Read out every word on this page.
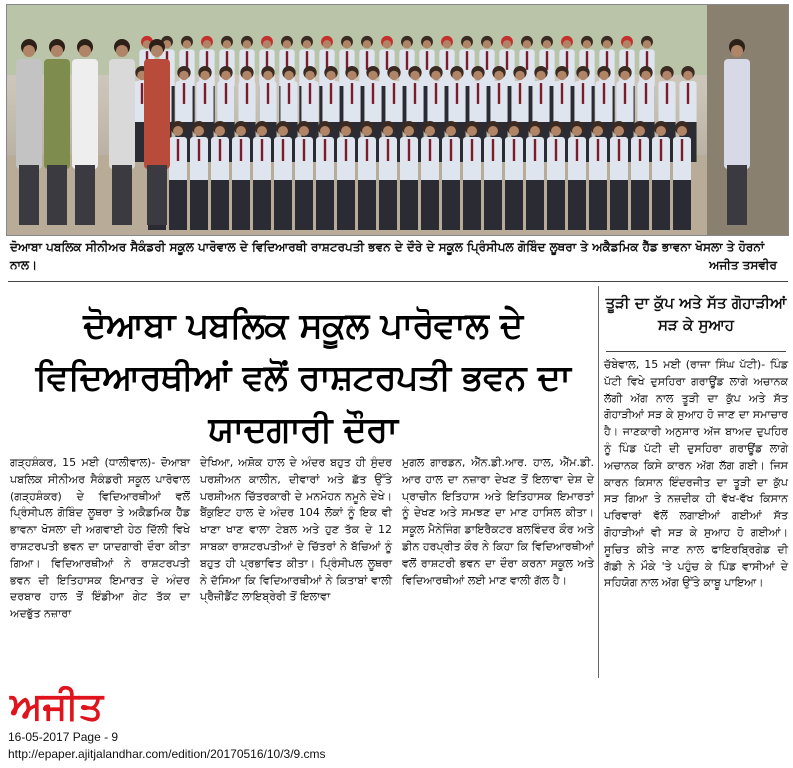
ਦੋਆਬਾ ਪਬਲਿਕ ਸੀਨੀਅਰ ਸੈਕੰਡਰੀ ਸਕੂਲ ਪਾਰੋਵਾਲ ਦੇ ਵਿਦਿਆਰਥੀ ਰਾਸ਼ਟਰਪਤੀ ਭਵਨ ਦੇ ਦੌਰੇ ਦੇ ਸਕੂਲ ਪ੍ਰਿੰਸੀਪਲ ਗੋਬਿੰਦ ਲੂਥਰਾ ਤੇ ਅਕੈਡਮਿਕ ਹੈੱਡ ਭਾਵਨਾ ਖੋਸਲਾ ਤੇ ਹੋਰਨਾਂ ਨਾਲ।	ਅਜੀਤ ਤਸਵੀਰ
ਦੋਆਬਾ ਪਬਲਿਕ ਸਕੂਲ ਪਾਰੋਵਾਲ ਦੇ ਵਿਦਿਆਰਥੀਆਂ ਵਲੋਂ ਰਾਸ਼ਟਰਪਤੀ ਭਵਨ ਦਾ ਯਾਦਗਾਰੀ ਦੌਰਾ
ਤੂੜੀ ਦਾ ਕੁੱਪ ਅਤੇ ਸੱਤ ਗੋਹਾੜੀਆਂ ਸੜ ਕੇ ਸੁਆਹ
ਗੜ੍ਹਸ਼ੰਕਰ, 15 ਮਈ (ਧਾਲੀਵਾਲ)- ਦੋਆਬਾ ਪਬਲਿਕ ਸੀਨੀਅਰ ਸੈਕੰਡਰੀ ਸਕੂਲ ਪਾਰੋਵਾਲ (ਗੜ੍ਹਸ਼ੰਕਰ) ਦੇ ਵਿਦਿਆਰਥੀਆਂ ਵਲੋਂ ਪ੍ਰਿੰਸੀਪਲ ਗੋਬਿੰਦ ਲੂਥਰਾ ਤੇ ਅਕੈਡਮਿਕ ਹੈੱਡ ਭਾਵਨਾ ਖੋਸਲਾ ਦੀ ਅਗਵਾਈ ਹੇਠ ਦਿੱਲੀ ਵਿਖੇ ਰਾਸ਼ਟਰਪਤੀ ਭਵਨ ਦਾ ਯਾਦਗਾਰੀ ਦੌਰਾ ਕੀਤਾ ਗਿਆ। ਵਿਦਿਆਰਥੀਆਂ ਨੇ ਰਾਸ਼ਟਰਪਤੀ ਭਵਨ ਦੀ ਇਤਿਹਾਸਕ ਇਮਾਰਤ ਦੇ ਅੰਦਰ ਦਰਬਾਰ ਹਾਲ ਤੋਂ ਇੰਡੀਆ ਗੇਟ ਤੱਕ ਦਾ ਅਦਭੁੱਤ ਨਜ਼ਾਰਾ
ਦੇਖਿਆ, ਅਸ਼ੋਕ ਹਾਲ ਦੇ ਅੰਦਰ ਬਹੁਤ ਹੀ ਸੁੰਦਰ ਪਰਸ਼ੀਅਨ ਕਾਲੀਨ, ਦੀਵਾਰਾਂ ਅਤੇ ਛੱਤ ਉੱਤੇ ਪਰਸ਼ੀਅਨ ਚਿੱਤਰਕਾਰੀ ਦੇ ਮਨਮੋਹਨ ਨਮੂਨੇ ਦੇਖੇ। ਬੈਂਕੁਇਟ ਹਾਲ ਦੇ ਅੰਦਰ 104 ਲੋਕਾਂ ਨੂੰ ਇਕ ਵੀ ਖਾਣਾ ਖਾਣ ਵਾਲਾ ਟੇਬਲ ਅਤੇ ਹੁਣ ਤੱਕ ਦੇ 12 ਸਾਬਕਾ ਰਾਸ਼ਟਰਪਤੀਆਂ ਦੇ ਚਿੱਤਰਾਂ ਨੇ ਬੱਚਿਆਂ ਨੂੰ ਬਹੁਤ ਹੀ ਪ੍ਰਭਾਵਿਤ ਕੀਤਾ। ਪ੍ਰਿੰਸੀਪਲ ਲੂਥਰਾ ਨੇ ਦੱਸਿਆ ਕਿ ਵਿਦਿਆਰਥੀਆਂ ਨੇ ਕਿਤਾਬਾਂ ਵਾਲੀ ਪ੍ਰੈਜ਼ੀਡੈਂਟ ਲਾਇਬ੍ਰੇਰੀ ਤੋਂ ਇਲਾਵਾ
ਮੁਗਲ ਗਾਰਡਨ, ਐੱਨ.ਡੀ.ਆਰ. ਹਾਲ, ਐੱਮ.ਡੀ. ਆਰ ਹਾਲ ਦਾ ਨਜ਼ਾਰਾ ਦੇਖਣ ਤੋਂ ਇਲਾਵਾ ਦੇਸ਼ ਦੇ ਪ੍ਰਾਚੀਨ ਇਤਿਹਾਸ ਅਤੇ ਇਤਿਹਾਸਕ ਇਮਾਰਤਾਂ ਨੂੰ ਦੇਖਣ ਅਤੇ ਸਮਝਣ ਦਾ ਮਾਣ ਹਾਸਿਲ ਕੀਤਾ। ਸਕੂਲ ਮੈਨੇਜਿੰਗ ਡਾਇਰੈਕਟਰ ਬਲਵਿੰਦਰ ਕੌਰ ਅਤੇ ਡੀਨ ਹਰਪ੍ਰੀਤ ਕੌਰ ਨੇ ਕਿਹਾ ਕਿ ਵਿਦਿਆਰਥੀਆਂ ਵਲੋਂ ਰਾਸ਼ਟਰੀ ਭਵਨ ਦਾ ਦੌਰਾ ਕਰਨਾ ਸਕੂਲ ਅਤੇ ਵਿਦਿਆਰਥੀਆਂ ਲਈ ਮਾਣ ਵਾਲੀ ਗੱਲ ਹੈ।
ਚੱਬੇਵਾਲ, 15 ਮਈ (ਰਾਜਾ ਸਿੰਘ ਪੱਟੀ)- ਪਿੰਡ ਪੱਟੀ ਵਿਖੇ ਦੁਸਹਿਰਾ ਗਰਾਊਂਡ ਲਾਗੇ ਅਚਾਨਕ ਲੱਗੀ ਅੱਗ ਨਾਲ ਤੂੜੀ ਦਾ ਕੁੱਪ ਅਤੇ ਸੱਤ ਗੋਹਾੜੀਆਂ ਸੜ ਕੇ ਸੁਆਹ ਹੋ ਜਾਣ ਦਾ ਸਮਾਚਾਰ ਹੈ। ਜਾਣਕਾਰੀ ਅਨੁਸਾਰ ਅੱਜ ਬਾਅਦ ਦੁਪਹਿਰ ਨੂੰ ਪਿੰਡ ਪੱਟੀ ਦੀ ਦੁਸਹਿਰਾ ਗਰਾਊਂਡ ਲਾਗੇ ਅਚਾਨਕ ਕਿਸੇ ਕਾਰਨ ਅੱਗ ਲੱਗ ਗਈ। ਜਿਸ ਕਾਰਨ ਕਿਸਾਨ ਇੰਦਰਜੀਤ ਦਾ ਤੂੜੀ ਦਾ ਕੁੱਪ ਸੜ ਗਿਆ ਤੇ ਨਜ਼ਦੀਕ ਹੀ ਵੱਖ-ਵੱਖ ਕਿਸਾਨ ਪਰਿਵਾਰਾਂ ਵੱਲੋਂ ਲਗਾਈਆਂ ਗਈਆਂ ਸੱਤ ਗੋਹਾੜੀਆਂ ਵੀ ਸੜ ਕੇ ਸੁਆਹ ਹੋ ਗਈਆਂ। ਸੂਚਿਤ ਕੀਤੇ ਜਾਣ ਨਾਲ ਫਾਇਰਬ੍ਰਿਗੇਡ ਦੀ ਗੱਡੀ ਨੇ ਮੌਕੇ 'ਤੇ ਪਹੁੰਚ ਕੇ ਪਿੰਡ ਵਾਸੀਆਂ ਦੇ ਸਹਿਯੋਗ ਨਾਲ ਅੱਗ ਉੱਤੇ ਕਾਬੂ ਪਾਇਆ।
ਅਜੀਤ
16-05-2017 Page - 9
http://epaper.ajitjalandhar.com/edition/20170516/10/3/9.cms
